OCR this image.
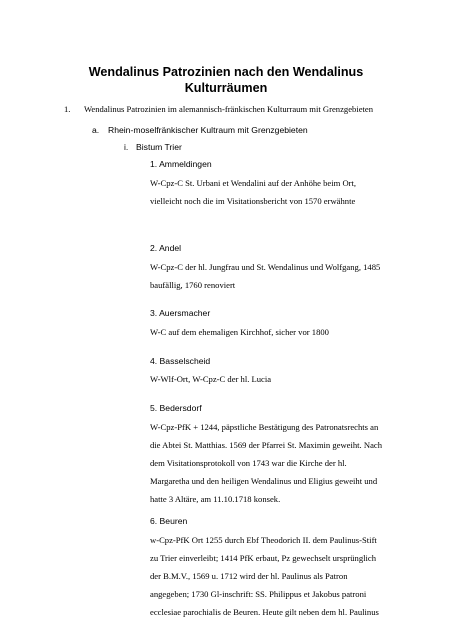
Wendalinus Patrozinien nach den Wendalinus
Kulturräumen
1. Wendalinus Patrozinien im alemannisch-fränkischen Kulturraum mit Grenzgebieten
a. Rhein-moselfränkischer Kultraum mit Grenzgebieten
i. Bistum Trier
1. Ammeldingen
W-Cpz-C St. Urbani et Wendalini auf der Anhöhe beim Ort,
vielleicht noch die im Visitationsbericht von 1570 erwähnte
2. Andel
W-Cpz-C der hl. Jungfrau und St. Wendalinus und Wolfgang, 1485
baufällig, 1760 renoviert
3. Auersmacher
W-C auf dem ehemaligen Kirchhof, sicher vor 1800
4. Basselscheid
W-Wlf-Ort, W-Cpz-C der hl. Lucia
5. Bedersdorf
W-Cpz-PfK + 1244, päpstliche Bestätigung des Patronatsrechts an
die Abtei St. Matthias. 1569 der Pfarrei St. Maximin geweiht. Nach
dem Visitationsprotokoll von 1743 war die Kirche der hl.
Margaretha und den heiligen Wendalinus und Eligius geweiht und
hatte 3 Altäre, am 11.10.1718 konsek.
6. Beuren
w-Cpz-PfK Ort 1255 durch Ebf Theodorich II. dem Paulinus-Stift
zu Trier einverleibt; 1414 PfK erbaut, Pz gewechselt ursprünglich
der B.M.V., 1569 u. 1712 wird der hl. Paulinus als Patron
angegeben; 1730 Gl-inschrift: SS. Philippus et Jakobus patroni
ecclesiae parochialis de Beuren. Heute gilt neben dem hl. Paulinus
